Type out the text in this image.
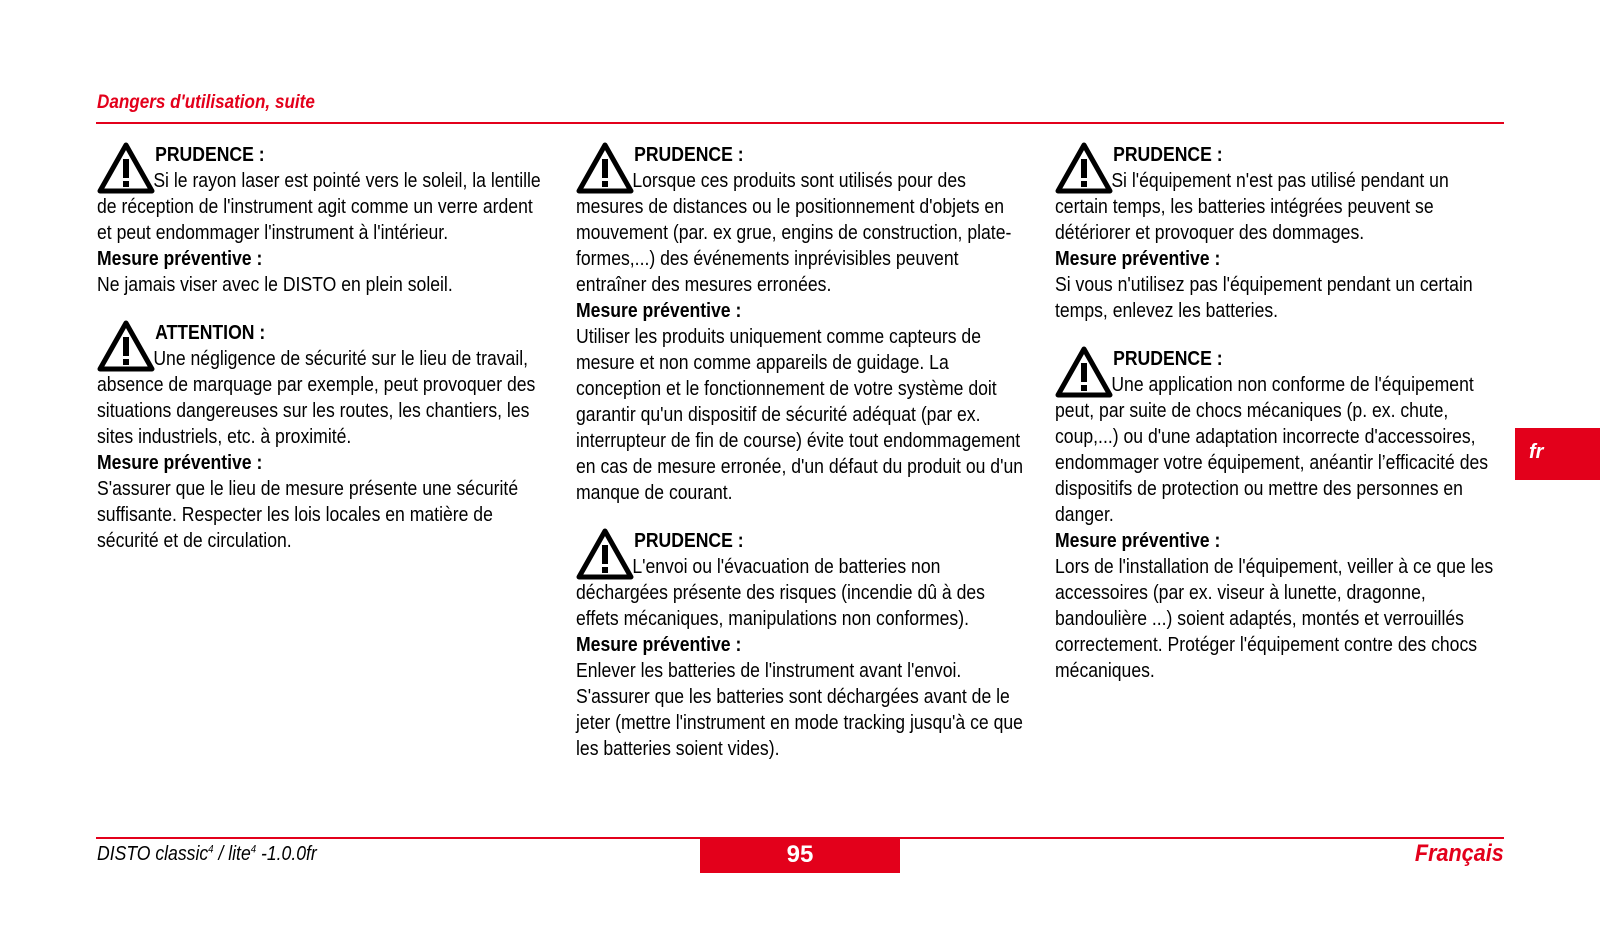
Dangers d'utilisation, suite
PRUDENCE :
Si le rayon laser est pointé vers le soleil, la lentille de réception de l'instrument agit comme un verre ardent et peut endommager l'instrument à l'intérieur.
Mesure préventive :
Ne jamais viser avec le DISTO en plein soleil.
ATTENTION :
Une négligence de sécurité sur le lieu de travail, absence de marquage par exemple, peut provoquer des situations dangereuses sur les routes, les chantiers, les sites industriels, etc. à proximité.
Mesure préventive :
S'assurer que le lieu de mesure présente une sécurité suffisante. Respecter les lois locales en matière de sécurité et de circulation.
PRUDENCE :
Lorsque ces produits sont utilisés pour des mesures de distances ou le positionnement d'objets en mouvement (par. ex grue, engins de construction, plate-formes,...) des événements inprévisibles peuvent entraîner des mesures erronées.
Mesure préventive :
Utiliser les produits uniquement comme capteurs de mesure et non comme appareils de guidage. La conception et le fonctionnement de votre système doit garantir qu'un dispositif de sécurité adéquat (par ex. interrupteur de fin de course) évite tout endommagement en cas de mesure erronée, d'un défaut du produit ou d'un manque de courant.
PRUDENCE :
L'envoi ou l'évacuation de batteries non déchargées présente des risques (incendie dû à des effets mécaniques, manipulations non conformes).
Mesure préventive :
Enlever les batteries de l'instrument avant l'envoi. S'assurer que les batteries sont déchargées avant de le jeter (mettre l'instrument en mode tracking jusqu'à ce que les batteries soient vides).
PRUDENCE :
Si l'équipement n'est pas utilisé pendant un certain temps, les batteries intégrées peuvent se détériorer et provoquer des dommages.
Mesure préventive :
Si vous n'utilisez pas l'équipement pendant un certain temps, enlevez les batteries.
PRUDENCE :
Une application non conforme de l'équipement peut, par suite de chocs mécaniques (p. ex. chute, coup,...) ou d'une adaptation incorrecte d'accessoires, endommager votre équipement, anéantir l’efficacité des dispositifs de protection ou mettre des personnes en danger.
Mesure préventive :
Lors de l'installation de l'équipement, veiller à ce que les accessoires (par ex. viseur à lunette, dragonne, bandoulière ...) soient adaptés, montés et verrouillés correctement. Protéger l'équipement contre des chocs mécaniques.
fr
DISTO classic$^4$ / lite$^4$ -1.0.0fr	95	Français
